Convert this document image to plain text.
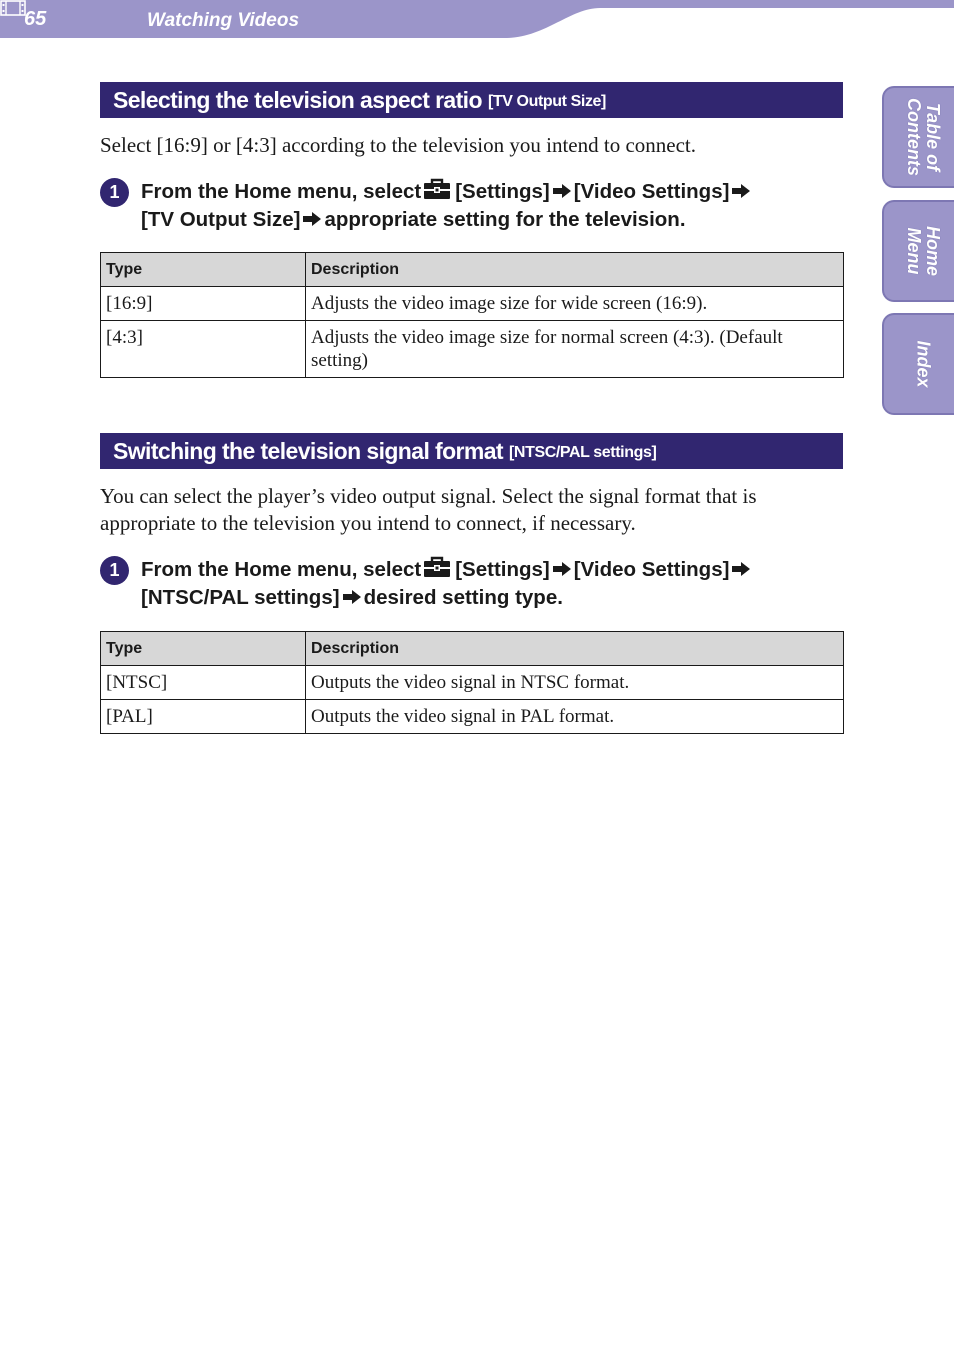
65	Watching Videos
Table of
Contents
Home
Menu
Index
Selecting the television aspect ratio [TV Output Size]
Select [16:9] or [4:3] according to the television you intend to connect.
1	From the Home menu, select [Settings] [Video Settings]
[TV Output Size] appropriate setting for the television.
Type	Description
[16:9]	Adjusts the video image size for wide screen (16:9).
[4:3]	Adjusts the video image size for normal screen (4:3). (Default setting)
Switching the television signal format [NTSC/PAL settings]
You can select the player’s video output signal. Select the signal format that is appropriate to the television you intend to connect, if necessary.
1	From the Home menu, select [Settings] [Video Settings]
[NTSC/PAL settings] desired setting type.
Type	Description
[NTSC]	Outputs the video signal in NTSC format.
[PAL]	Outputs the video signal in PAL format.
